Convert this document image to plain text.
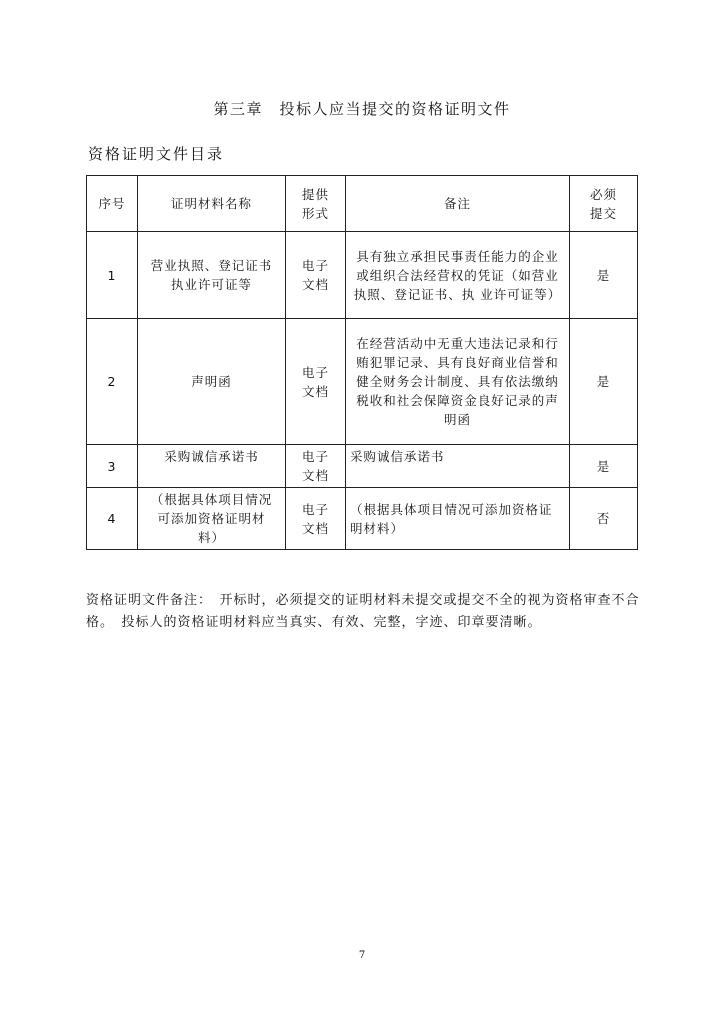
第三章　投标人应当提交的资格证明文件
资格证明文件目录
序号	证明材料名称	提供形式	备注	必须提交
1	营业执照、登记证书执业许可证等	电子文档	具有独立承担民事责任能力的企业或组织合法经营权的凭证（如营业执照、登记证书、执 业许可证等）	是
2	声明函	电子文档	在经营活动中无重大违法记录和行贿犯罪记录、具有良好商业信誉和健全财务会计制度、具有依法缴纳税收和社会保障资金良好记录的声明函	是
3	采购诚信承诺书	电子文档	采购诚信承诺书	是
4	（根据具体项目情况 可添加资格证明材 料）	电子文档	（根据具体项目情况可添加资格证明材料）	否
资格证明文件备注：　开标时，必须提交的证明材料未提交或提交不全的视为资格审查不合格。　投标人的资格证明材料应当真实、有效、完整，字迹、印章要清晰。
7
